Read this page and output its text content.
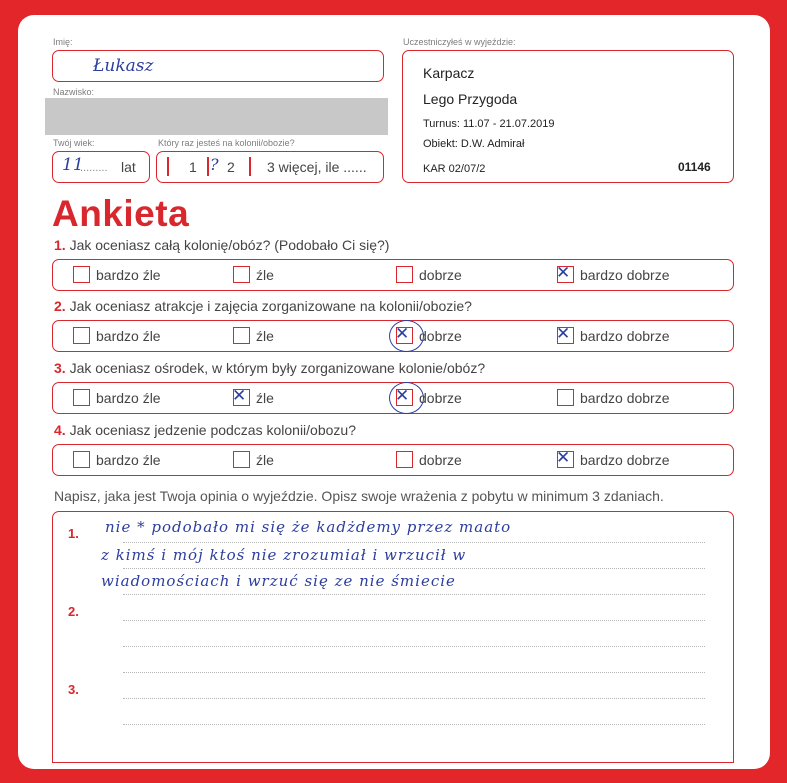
Imię:
Łukasz
Nazwisko:
Twój wiek:
11
......... lat
Który raz jesteś na kolonii/obozie?
1 ? 2 3 więcej, ile ......
Uczestniczyłeś w wyjeździe:
Karpacz
Lego Przygoda
Turnus: 11.07 - 21.07.2019
Obiekt: D.W. Admirał
KAR 02/07/2	01146
Ankieta
1. Jak oceniasz całą kolonię/obóz? (Podobało Ci się?)
bardzo źle	źle	dobrze	✕ bardzo dobrze
2. Jak oceniasz atrakcje i zajęcia zorganizowane na kolonii/obozie?
bardzo źle	źle	✕ dobrze	✕ bardzo dobrze
3. Jak oceniasz ośrodek, w którym były zorganizowane kolonie/obóz?
bardzo źle	✕ źle	✕ dobrze	bardzo dobrze
4. Jak oceniasz jedzenie podczas kolonii/obozu?
bardzo źle	źle	dobrze	✕ bardzo dobrze
Napisz, jaka jest Twoja opinia o wyjeździe. Opisz swoje wrażenia z pobytu w minimum 3 zdaniach.
1.
2.
3.
nie * podobało mi się że kadżdemy przez maato
z kimś i mój ktoś nie zrozumiał i wrzucił w
wiadomościach i wrzuć się ze nie śmiecie
